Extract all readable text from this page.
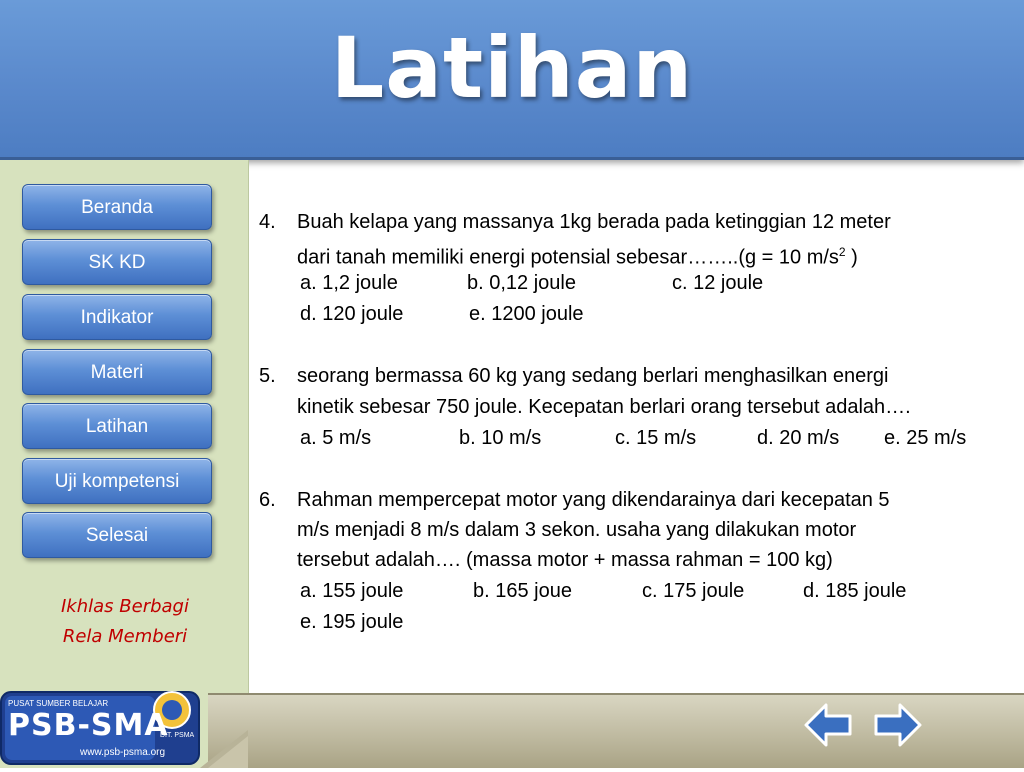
Latihan
Beranda
SK KD
Indikator
Materi
Latihan
Uji kompetensi
Selesai
Ikhlas Berbagi
Rela Memberi
PUSAT SUMBER BELAJAR
PSB-SMA
www.psb-psma.org
DIT. PSMA
4. Buah kelapa yang massanya 1kg berada pada ketinggian 12 meter
dari tanah memiliki energi potensial sebesar……..(g = 10 $m/s^2$ )
a. 1,2 joule	b. 0,12 joule	c. 12 joule
d. 120 joule	e. 1200 joule
5. seorang bermassa 60 kg yang sedang berlari menghasilkan energi
kinetik sebesar 750 joule. Kecepatan berlari orang tersebut adalah….
a. 5 m/s	b. 10 m/s	c. 15 m/s	d. 20 m/s e. 25 m/s
6. Rahman mempercepat motor yang dikendarainya dari kecepatan 5
m/s menjadi 8 m/s dalam 3 sekon. usaha yang dilakukan motor
tersebut adalah…. (massa motor + massa rahman = 100 kg)
a. 155 joule	b. 165 joue	c. 175 joule	d. 185 joule
e. 195 joule
